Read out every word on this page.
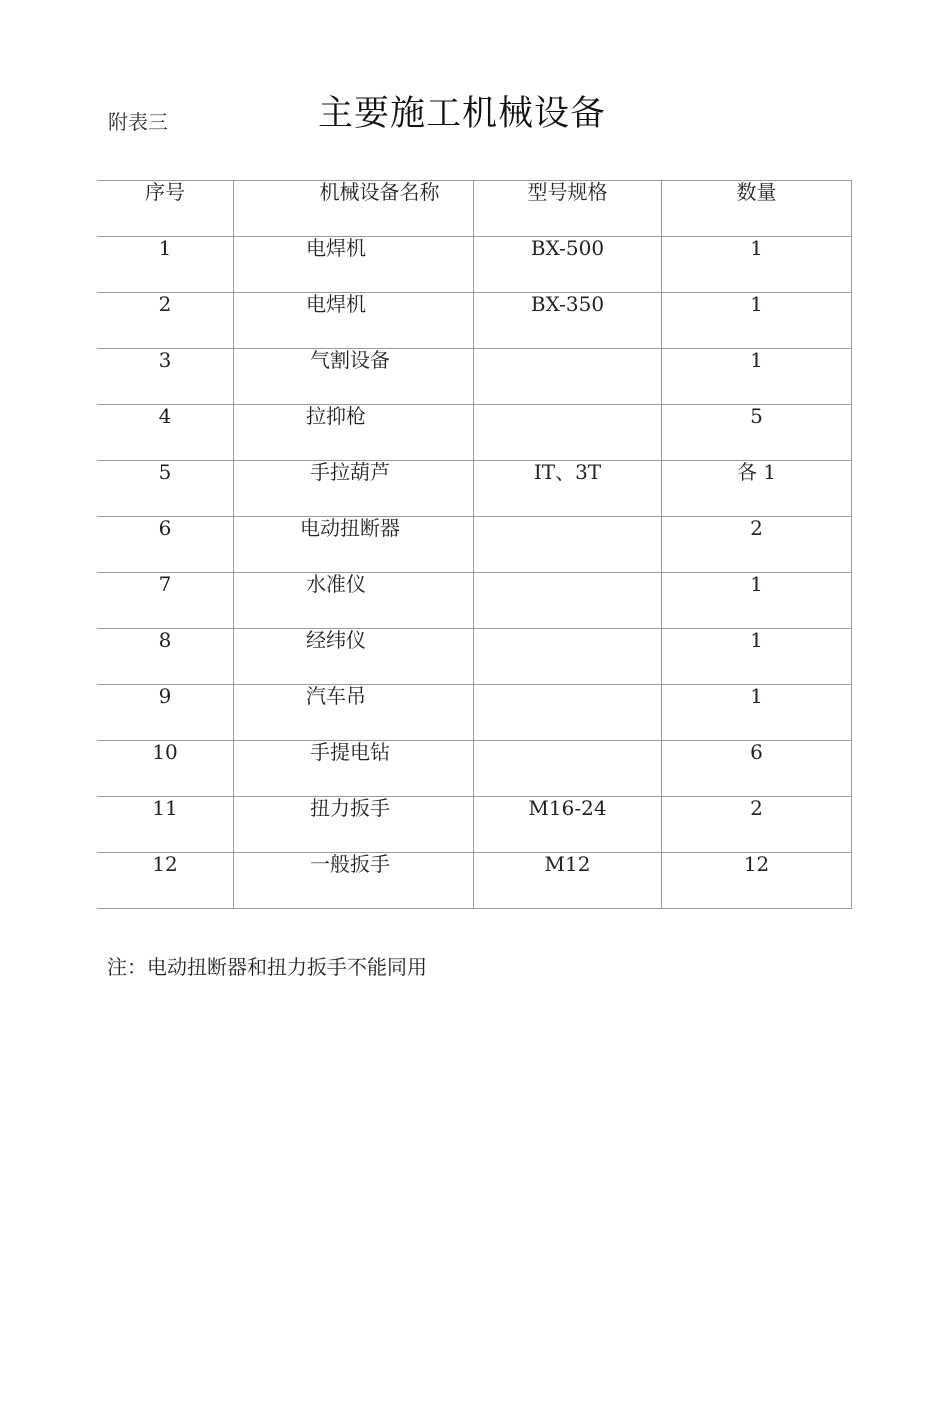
附表三	主要施工机械设备
序号	机械设备名称	型号规格	数量
1	电焊机	BX-500	1
2	电焊机	BX-350	1
3	气割设备		1
4	拉抑枪		5
5	手拉葫芦	IT、3T	各 1
6	电动扭断器		2
7	水准仪		1
8	经纬仪		1
9	汽车吊		1
10	手提电钻		6
11	扭力扳手	M16-24	2
12	一般扳手	M12	12
注：电动扭断器和扭力扳手不能同用
